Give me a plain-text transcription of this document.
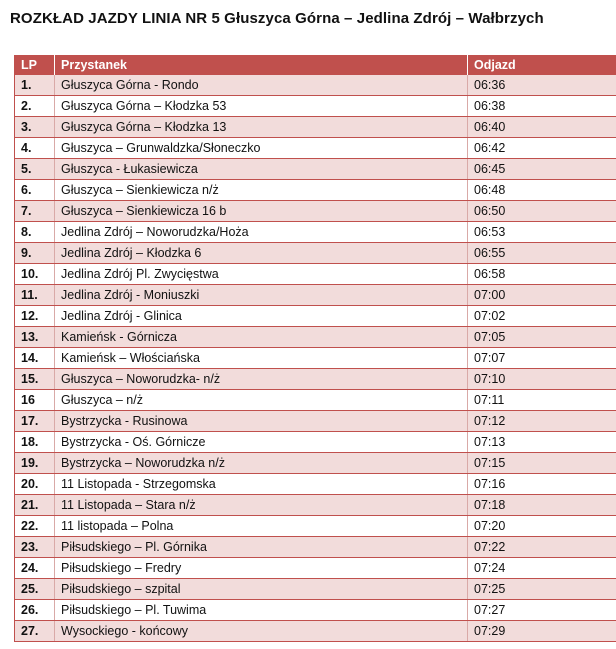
ROZKŁAD JAZDY LINIA NR 5 Głuszyca Górna – Jedlina Zdrój – Wałbrzych
LP	Przystanek	Odjazd
1.	Głuszyca Górna - Rondo	06:36
2.	Głuszyca Górna – Kłodzka 53	06:38
3.	Głuszyca Górna – Kłodzka 13	06:40
4.	Głuszyca – Grunwaldzka/Słoneczko	06:42
5.	Głuszyca - Łukasiewicza	06:45
6.	Głuszyca – Sienkiewicza n/ż	06:48
7.	Głuszyca – Sienkiewicza 16 b	06:50
8.	Jedlina Zdrój – Noworudzka/Hoża	06:53
9.	Jedlina Zdrój – Kłodzka 6	06:55
10.	Jedlina Zdrój Pl. Zwycięstwa	06:58
11.	Jedlina Zdrój - Moniuszki	07:00
12.	Jedlina Zdrój - Glinica	07:02
13.	Kamieńsk - Górnicza	07:05
14.	Kamieńsk – Włościańska	07:07
15.	Głuszyca – Noworudzka- n/ż	07:10
16	Głuszyca – n/ż	07:11
17.	Bystrzycka - Rusinowa	07:12
18.	Bystrzycka - Oś. Górnicze	07:13
19.	Bystrzycka – Noworudzka n/ż	07:15
20.	11 Listopada - Strzegomska	07:16
21.	11 Listopada – Stara n/ż	07:18
22.	11 listopada – Polna	07:20
23.	Piłsudskiego – Pl. Górnika	07:22
24.	Piłsudskiego – Fredry	07:24
25.	Piłsudskiego – szpital	07:25
26.	Piłsudskiego – Pl. Tuwima	07:27
27.	Wysockiego - końcowy	07:29
